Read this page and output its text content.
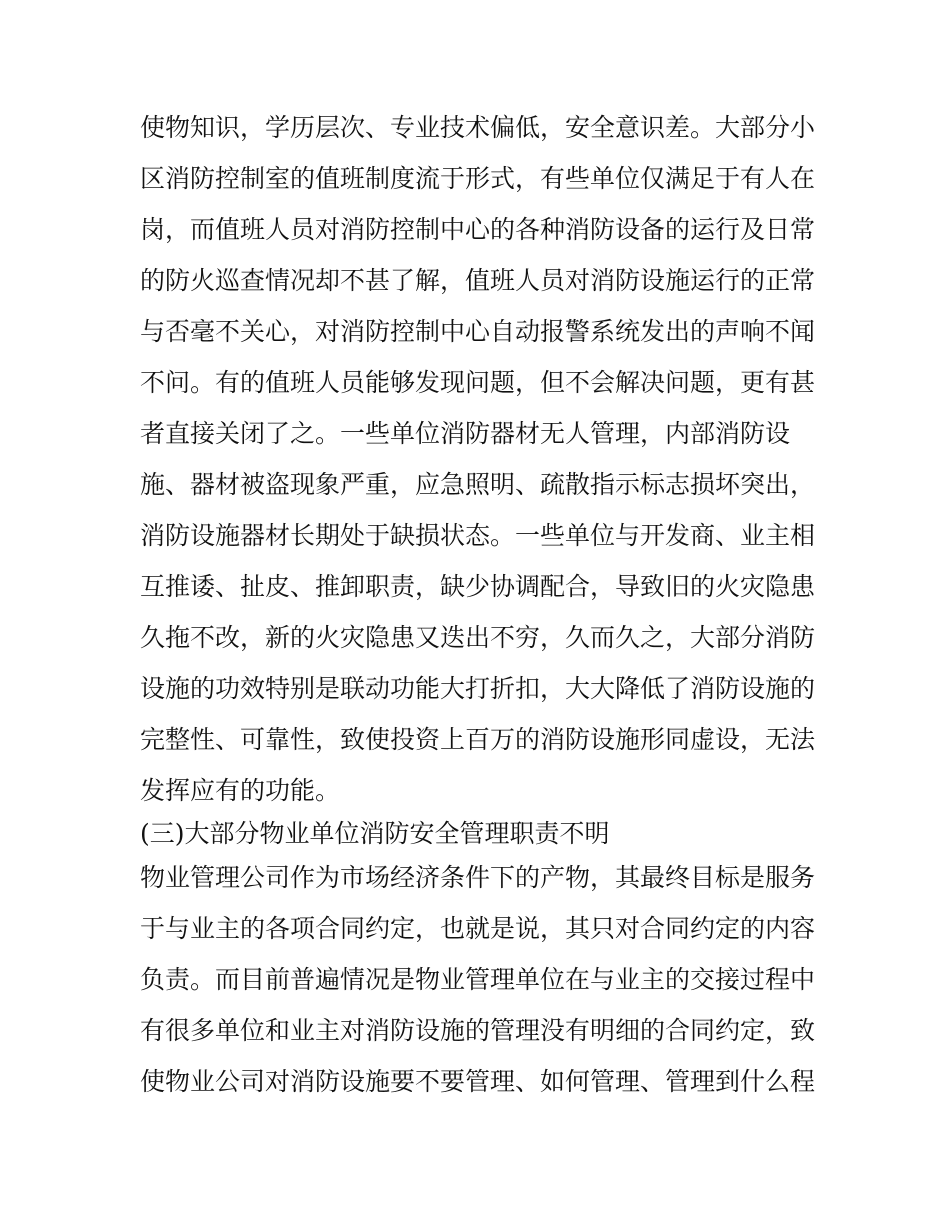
使物知识，学历层次、专业技术偏低，安全意识差。大部分小
区消防控制室的值班制度流于形式，有些单位仅满足于有人在
岗，而值班人员对消防控制中心的各种消防设备的运行及日常
的防火巡查情况却不甚了解，值班人员对消防设施运行的正常
与否毫不关心，对消防控制中心自动报警系统发出的声响不闻
不问。有的值班人员能够发现问题，但不会解决问题，更有甚
者直接关闭了之。一些单位消防器材无人管理，内部消防设
施、器材被盗现象严重，应急照明、疏散指示标志损坏突出，
消防设施器材长期处于缺损状态。一些单位与开发商、业主相
互推诿、扯皮、推卸职责，缺少协调配合，导致旧的火灾隐患
久拖不改，新的火灾隐患又迭出不穷，久而久之，大部分消防
设施的功效特别是联动功能大打折扣，大大降低了消防设施的
完整性、可靠性，致使投资上百万的消防设施形同虚设，无法
发挥应有的功能。
(三)大部分物业单位消防安全管理职责不明
物业管理公司作为市场经济条件下的产物，其最终目标是服务
于与业主的各项合同约定，也就是说，其只对合同约定的内容
负责。而目前普遍情况是物业管理单位在与业主的交接过程中
有很多单位和业主对消防设施的管理没有明细的合同约定，致
使物业公司对消防设施要不要管理、如何管理、管理到什么程
